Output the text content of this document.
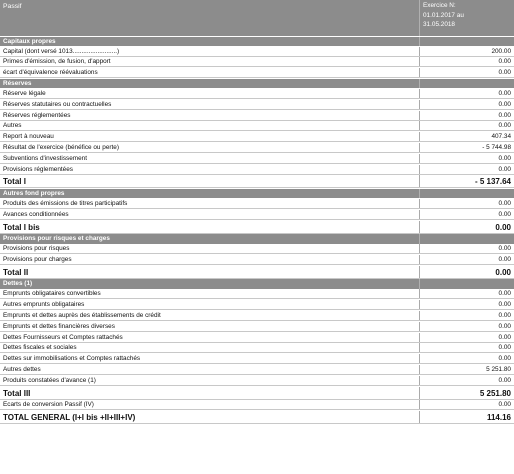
Passif	Exercice N:
01.01.2017 au
31.05.2018
Capitaux propres
Capital (dont versé 1013.........................)	200.00
Primes d'émission, de fusion, d'apport	0.00
écart d'équivalence réévaluations	0.00
Réserves
Réserve légale	0.00
Réserves statutaires ou contractuelles	0.00
Réserves réglementées	0.00
Autres	0.00
Report à nouveau	407.34
Résultat de l'exercice (bénéfice ou perte)	- 5 744.98
Subventions d'investissement	0.00
Provisions réglementées	0.00
Total I	- 5 137.64
Autres fond propres
Produits des émissions de titres participatifs	0.00
Avances conditionnées	0.00
Total I bis	0.00
Provisions pour risques et charges
Provisions pour risques	0.00
Provisions pour charges	0.00
Total II	0.00
Dettes (1)
Emprunts obligataires convertibles	0.00
Autres emprunts obligataires	0.00
Emprunts et dettes auprès des établissements de crédit	0.00
Emprunts et dettes financières diverses	0.00
Dettes Fournisseurs et Comptes rattachés	0.00
Dettes fiscales et sociales	0.00
Dettes sur immobilisations et Comptes rattachés	0.00
Autres dettes	5 251.80
Produits constatées d'avance (1)	0.00
Total III	5 251.80
Ecarts de conversion Passif (IV)	0.00
TOTAL GENERAL (I+I bis +II+III+IV)	114.16
